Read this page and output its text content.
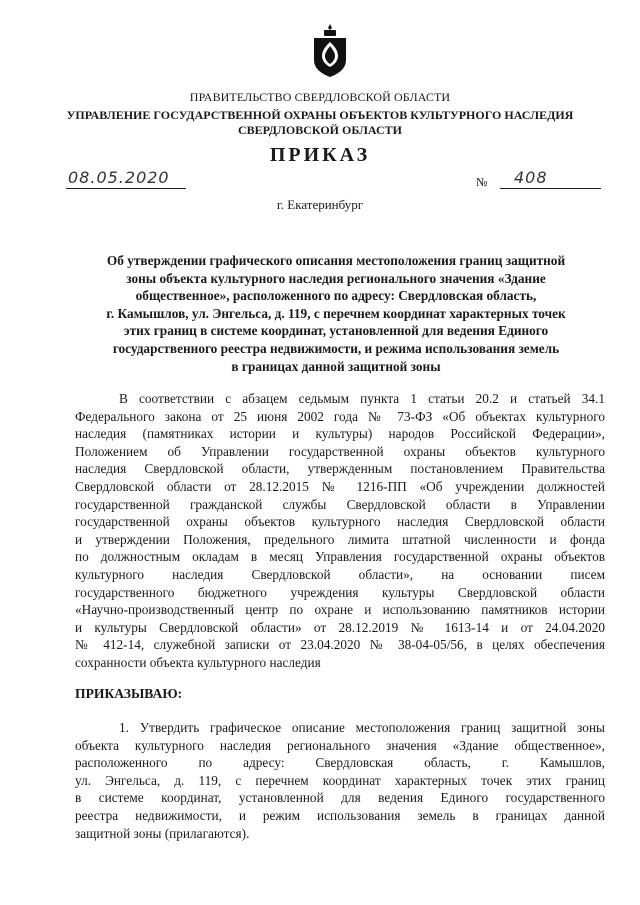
ПРАВИТЕЛЬСТВО СВЕРДЛОВСКОЙ ОБЛАСТИ
УПРАВЛЕНИЕ ГОСУДАРСТВЕННОЙ ОХРАНЫ ОБЪЕКТОВ КУЛЬТУРНОГО НАСЛЕДИЯ
СВЕРДЛОВСКОЙ ОБЛАСТИ
ПРИКАЗ
08.05.2020	№ 408
г. Екатеринбург
Об утверждении графического описания местоположения границ защитной
зоны объекта культурного наследия регионального значения «Здание
общественное», расположенного по адресу: Свердловская область,
г. Камышлов, ул. Энгельса, д. 119, с перечнем координат характерных точек
этих границ в системе координат, установленной для ведения Единого
государственного реестра недвижимости, и режима использования земель
в границах данной защитной зоны
В соответствии с абзацем седьмым пункта 1 статьи 20.2 и статьей 34.1
Федерального закона от 25 июня 2002 года № 73-ФЗ «Об объектах культурного
наследия (памятниках истории и культуры) народов Российской Федерации»,
Положением об Управлении государственной охраны объектов культурного
наследия Свердловской области, утвержденным постановлением Правительства
Свердловской области от 28.12.2015 № 1216-ПП «Об учреждении должностей
государственной гражданской службы Свердловской области в Управлении
государственной охраны объектов культурного наследия Свердловской области
и утверждении Положения, предельного лимита штатной численности и фонда
по должностным окладам в месяц Управления государственной охраны объектов
культурного наследия Свердловской области», на основании писем
государственного бюджетного учреждения культуры Свердловской области
«Научно-производственный центр по охране и использованию памятников истории
и культуры Свердловской области» от 28.12.2019 № 1613-14 и от 24.04.2020
№ 412-14, служебной записки от 23.04.2020 № 38-04-05/56, в целях обеспечения
сохранности объекта культурного наследия
ПРИКАЗЫВАЮ:
1. Утвердить графическое описание местоположения границ защитной зоны
объекта культурного наследия регионального значения «Здание общественное»,
расположенного по адресу: Свердловская область, г. Камышлов,
ул. Энгельса, д. 119, с перечнем координат характерных точек этих границ
в системе координат, установленной для ведения Единого государственного
реестра недвижимости, и режим использования земель в границах данной
защитной зоны (прилагаются).
